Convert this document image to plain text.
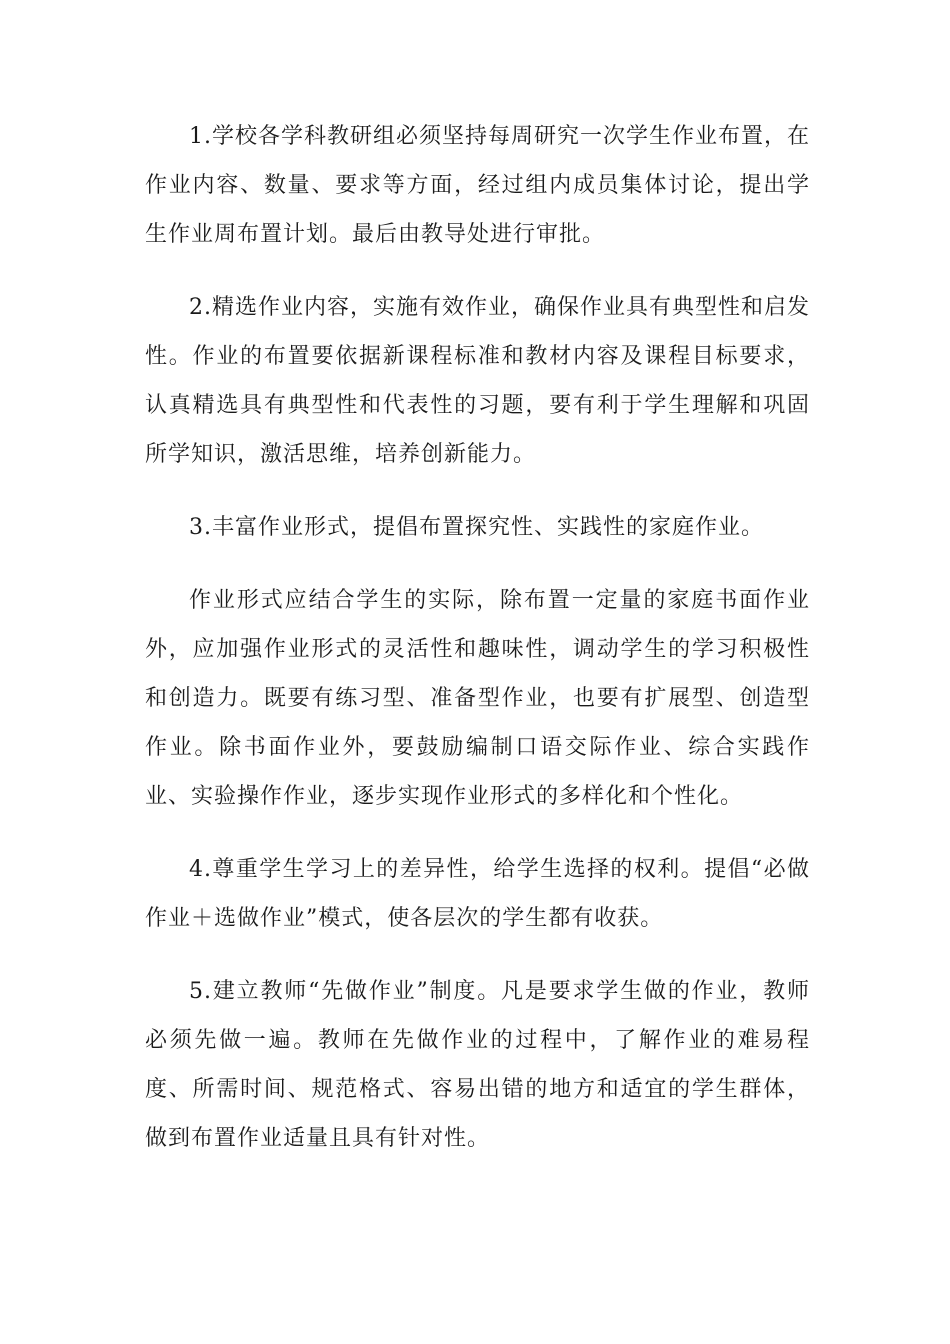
1.学校各学科教研组必须坚持每周研究一次学生作业布置，在作业内容、数量、要求等方面，经过组内成员集体讨论，提出学生作业周布置计划。最后由教导处进行审批。

2.精选作业内容，实施有效作业，确保作业具有典型性和启发性。作业的布置要依据新课程标准和教材内容及课程目标要求，认真精选具有典型性和代表性的习题，要有利于学生理解和巩固所学知识，激活思维，培养创新能力。

3.丰富作业形式，提倡布置探究性、实践性的家庭作业。

作业形式应结合学生的实际，除布置一定量的家庭书面作业外，应加强作业形式的灵活性和趣味性，调动学生的学习积极性和创造力。既要有练习型、准备型作业，也要有扩展型、创造型作业。除书面作业外，要鼓励编制口语交际作业、综合实践作业、实验操作作业，逐步实现作业形式的多样化和个性化。

4.尊重学生学习上的差异性，给学生选择的权利。提倡“必做作业＋选做作业”模式，使各层次的学生都有收获。

5.建立教师“先做作业”制度。凡是要求学生做的作业，教师必须先做一遍。教师在先做作业的过程中，了解作业的难易程度、所需时间、规范格式、容易出错的地方和适宜的学生群体，做到布置作业适量且具有针对性。
